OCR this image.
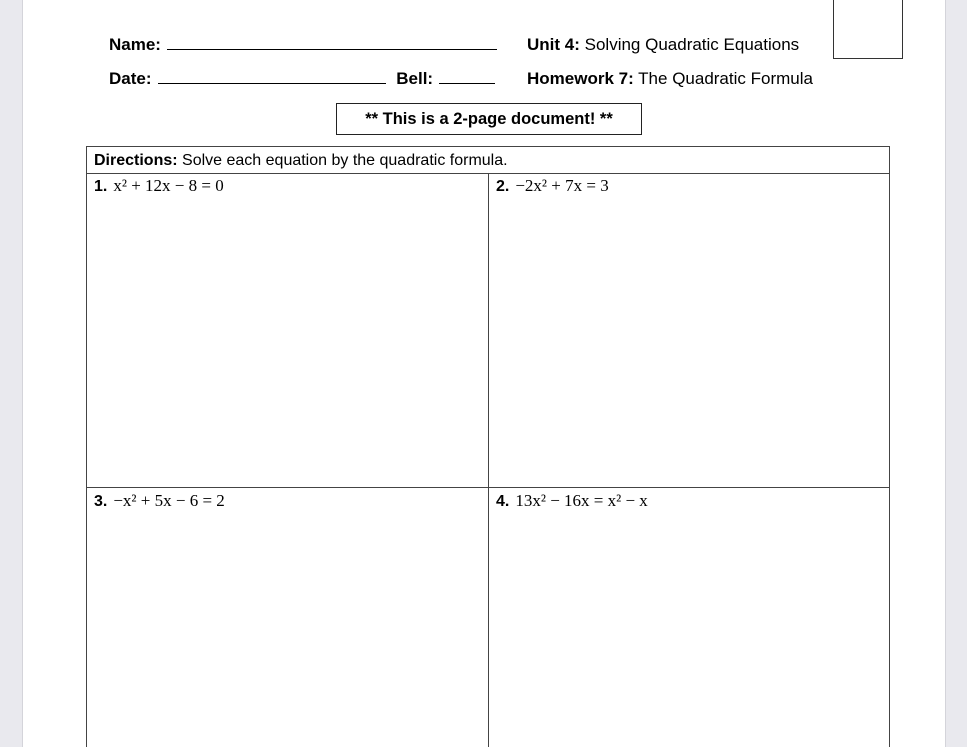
Name:	Unit 4: Solving Quadratic Equations
Date:	Bell:	Homework 7: The Quadratic Formula
** This is a 2-page document! **
Directions: Solve each equation by the quadratic formula.
1. x² + 12x − 8 = 0	2. −2x² + 7x = 3
3. −x² + 5x − 6 = 2	4. 13x² − 16x = x² − x
